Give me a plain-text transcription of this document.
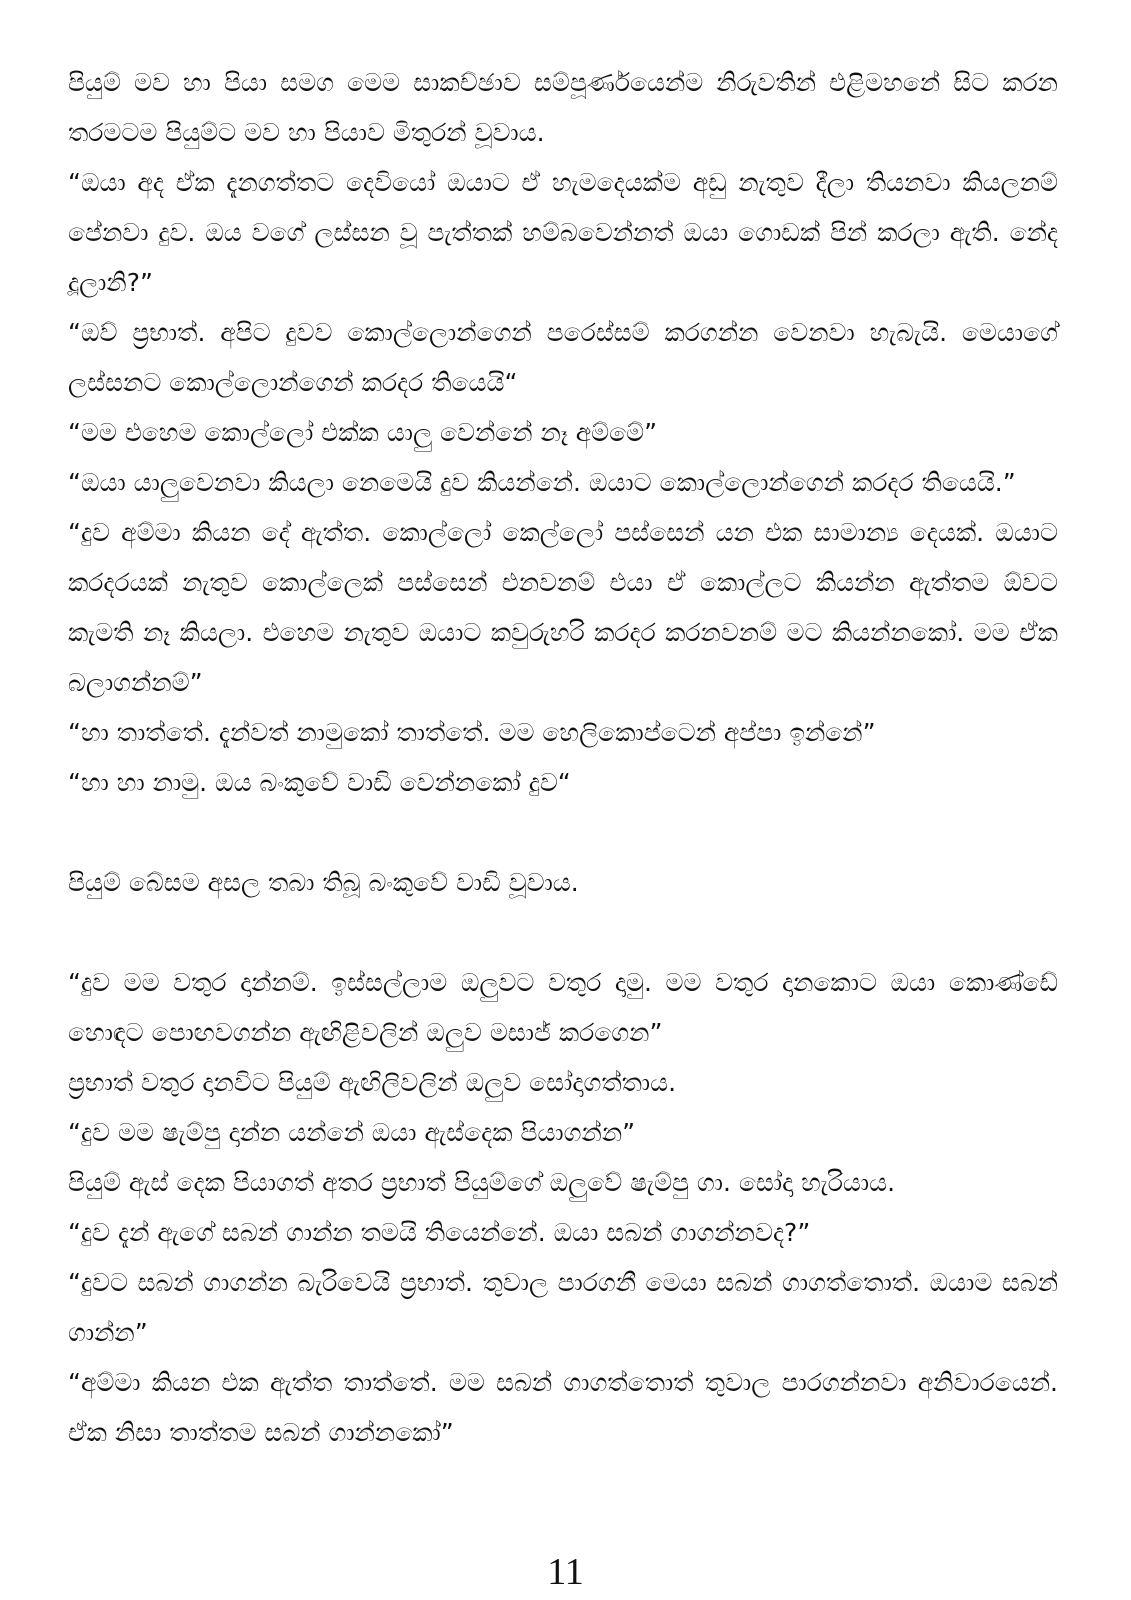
පියුම් මව හා පියා සමග මෙම සාකච්ඡාව සම්පූර්ණයෙන්ම නිරුවතින් එළිමහනේ සිට කරන තරමටම පියුම්ට මව හා පියාව මිතුරන් වූවාය.

“ඔයා අද ඒක දැනගත්තට දෙවියෝ ඔයාට ඒ හැමදෙයක්ම අඩු නැතුව දීලා තියනවා කියලනම් පේනවා දුව. ඔය වගේ ලස්සන වූ පැත්තක් හම්බවෙන්නත් ඔයා ගොඩක් පින් කරලා ඇති. නේද දූලානි?”

“ඔව් ප්‍රභාත්. අපිට දුවව කොල්ලොන්ගෙන් පරෙස්සම් කරගන්න වෙනවා හැබැයි. මෙයාගේ ලස්සනට කොල්ලොන්ගෙන් කරදර තියෙයි“

“මම එහෙම කොල්ලෝ එක්ක යාලු වෙන්නේ නෑ අම්මේ”

“ඔයා යාලුවෙනවා කියලා නෙමෙයි දුව කියන්නේ. ඔයාට කොල්ලොන්ගෙන් කරදර තියෙයි.”

“දුව අම්මා කියන දේ ඇත්ත. කොල්ලෝ කෙල්ලෝ පස්සෙන් යන එක සාමාන්‍ය දෙයක්. ඔයාට කරදරයක් නැතුව කොල්ලෙක් පස්සෙන් එනවනම් එයා ඒ කොල්ලට කියන්න ඇත්තම ඕවට කැමති නෑ කියලා. එහෙම නැතුව ඔයාට කවුරුහරි කරදර කරනවනම් මට කියන්නකෝ. මම ඒක බලාගන්නම්”

“හා තාත්තේ. දැන්වත් නාමුකෝ තාත්තේ. මම හෙලිකොප්ටෙන් අප්පා ඉන්නේ”

“හා හා නාමු. ඔය බංකුවේ වාඩි වෙන්නකෝ දුව“

පියුම් බේසම අසල තබා තිබූ බංකුවේ වාඩි වූවාය.

“දුව මම වතුර දාන්නම්. ඉස්සල්ලාම ඔලුවට වතුර දාමු. මම වතුර දානකොට ඔයා කොණ්ඩේ හොඳට පොඟවගන්න ඇඟිළිවලින් ඔලුව මසාජ් කරගෙන”

ප්‍රභාත් වතුර දානවිට පියුම් ඇඟිලිවලින් ඔලුව සෝදාගත්තාය.

“දුව මම ෂැම්පු දාන්න යන්නේ ඔයා ඇස්දෙක පියාගන්න”

පියුම් ඇස් දෙක පියාගත් අතර ප්‍රභාත් පියුම්ගේ ඔලුවේ ෂැම්පු ගා. සෝදා හැරියාය.

“දුව දැන් ඇගේ සබන් ගාන්න තමයි තියෙන්නේ. ඔයා සබන් ගාගන්නවද?”

“දුවට සබන් ගාගන්න බැරිවෙයි ප්‍රභාත්. තුවාල පාරගනී මෙයා සබන් ගාගත්තොත්. ඔයාම සබන් ගාන්න”

“අම්මා කියන එක ඇත්ත තාත්තේ. මම සබන් ගාගත්තොත් තුවාල පාරගන්නවා අනිවාරයෙන්. ඒක නිසා තාත්තම සබන් ගාන්නකෝ”

11
